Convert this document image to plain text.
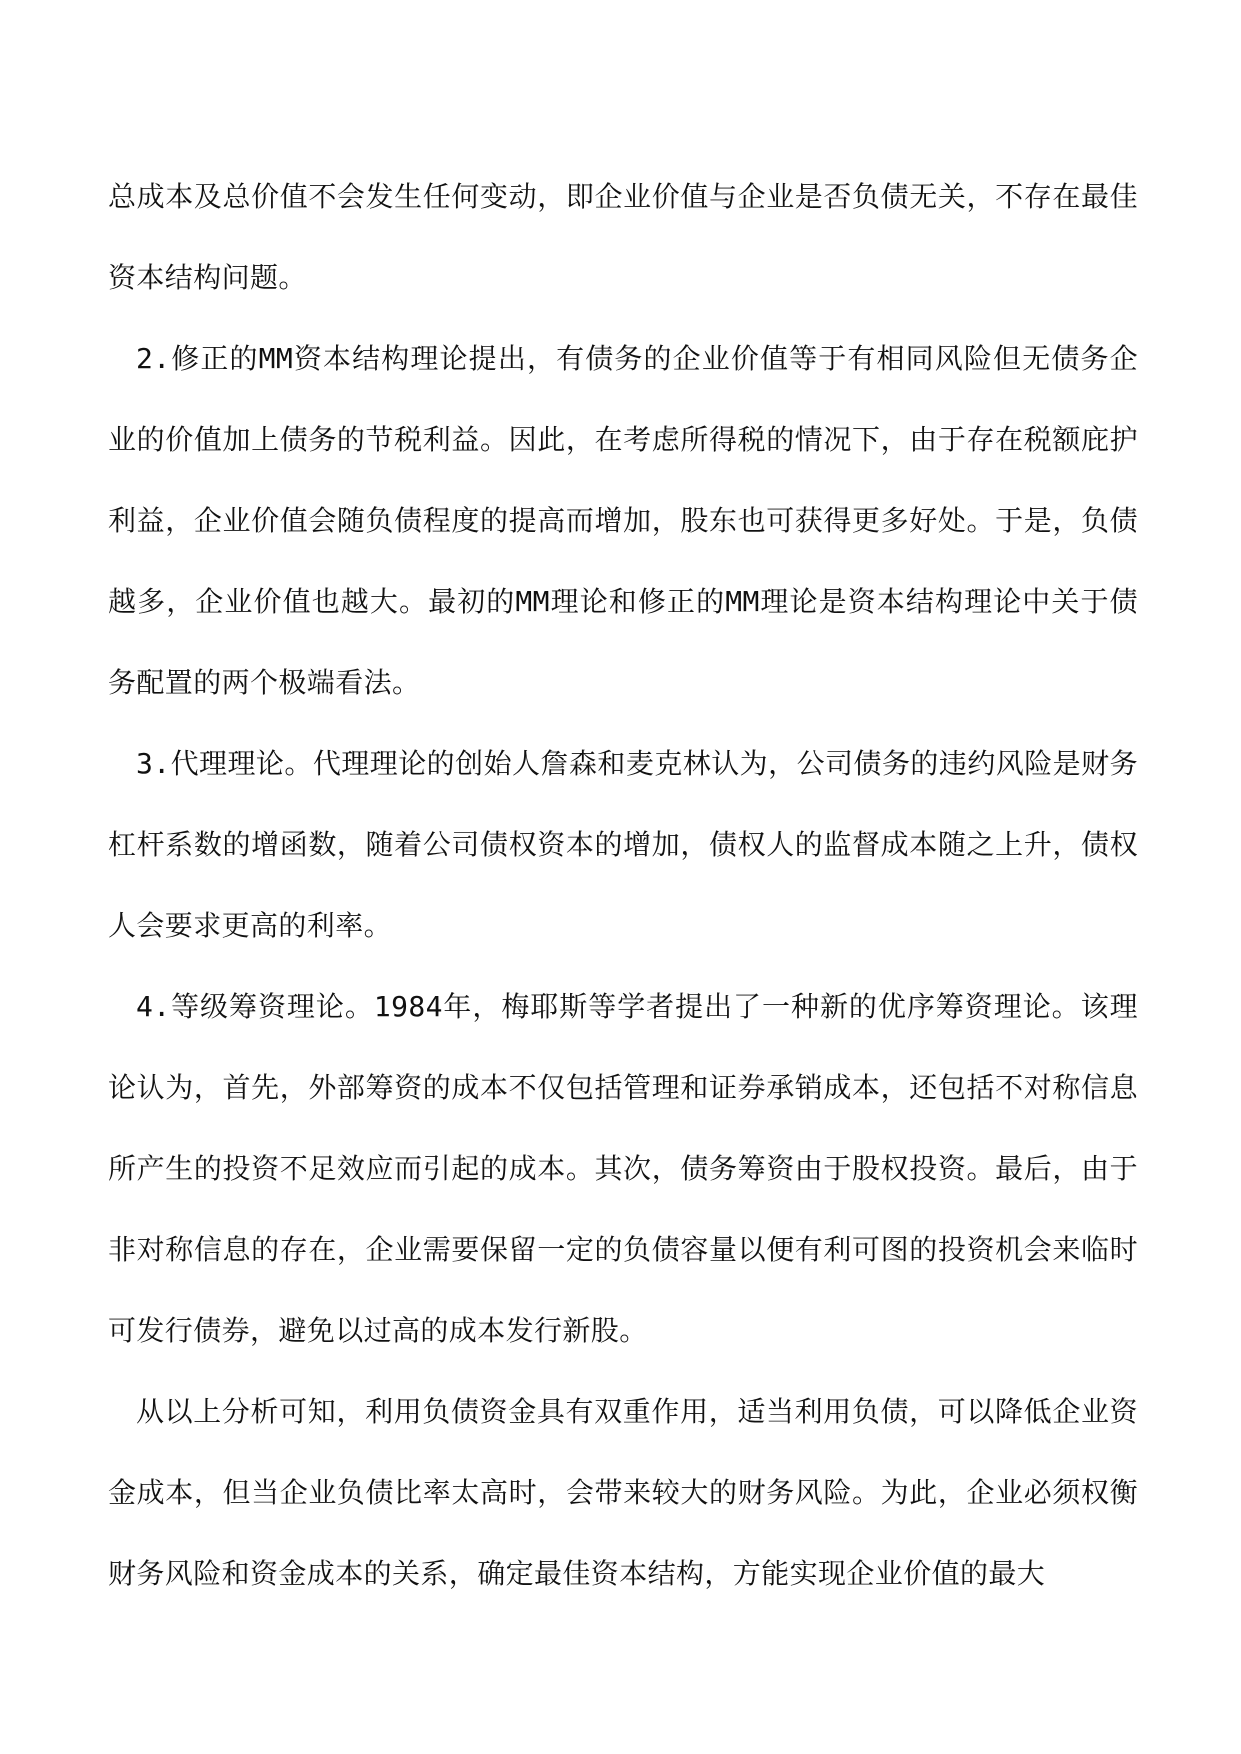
总成本及总价值不会发生任何变动，即企业价值与企业是否负债无关，不存在最佳资本结构问题。

2.修正的MM资本结构理论提出，有债务的企业价值等于有相同风险但无债务企业的价值加上债务的节税利益。因此，在考虑所得税的情况下，由于存在税额庇护利益，企业价值会随负债程度的提高而增加，股东也可获得更多好处。于是，负债越多，企业价值也越大。最初的MM理论和修正的MM理论是资本结构理论中关于债务配置的两个极端看法。

3.代理理论。代理理论的创始人詹森和麦克林认为，公司债务的违约风险是财务杠杆系数的增函数，随着公司债权资本的增加，债权人的监督成本随之上升，债权人会要求更高的利率。

4.等级筹资理论。1984年，梅耶斯等学者提出了一种新的优序筹资理论。该理论认为，首先，外部筹资的成本不仅包括管理和证券承销成本，还包括不对称信息所产生的投资不足效应而引起的成本。其次，债务筹资由于股权投资。最后，由于非对称信息的存在，企业需要保留一定的负债容量以便有利可图的投资机会来临时可发行债券，避免以过高的成本发行新股。

从以上分析可知，利用负债资金具有双重作用，适当利用负债，可以降低企业资金成本，但当企业负债比率太高时，会带来较大的财务风险。为此，企业必须权衡财务风险和资金成本的关系，确定最佳资本结构，方能实现企业价值的最大
